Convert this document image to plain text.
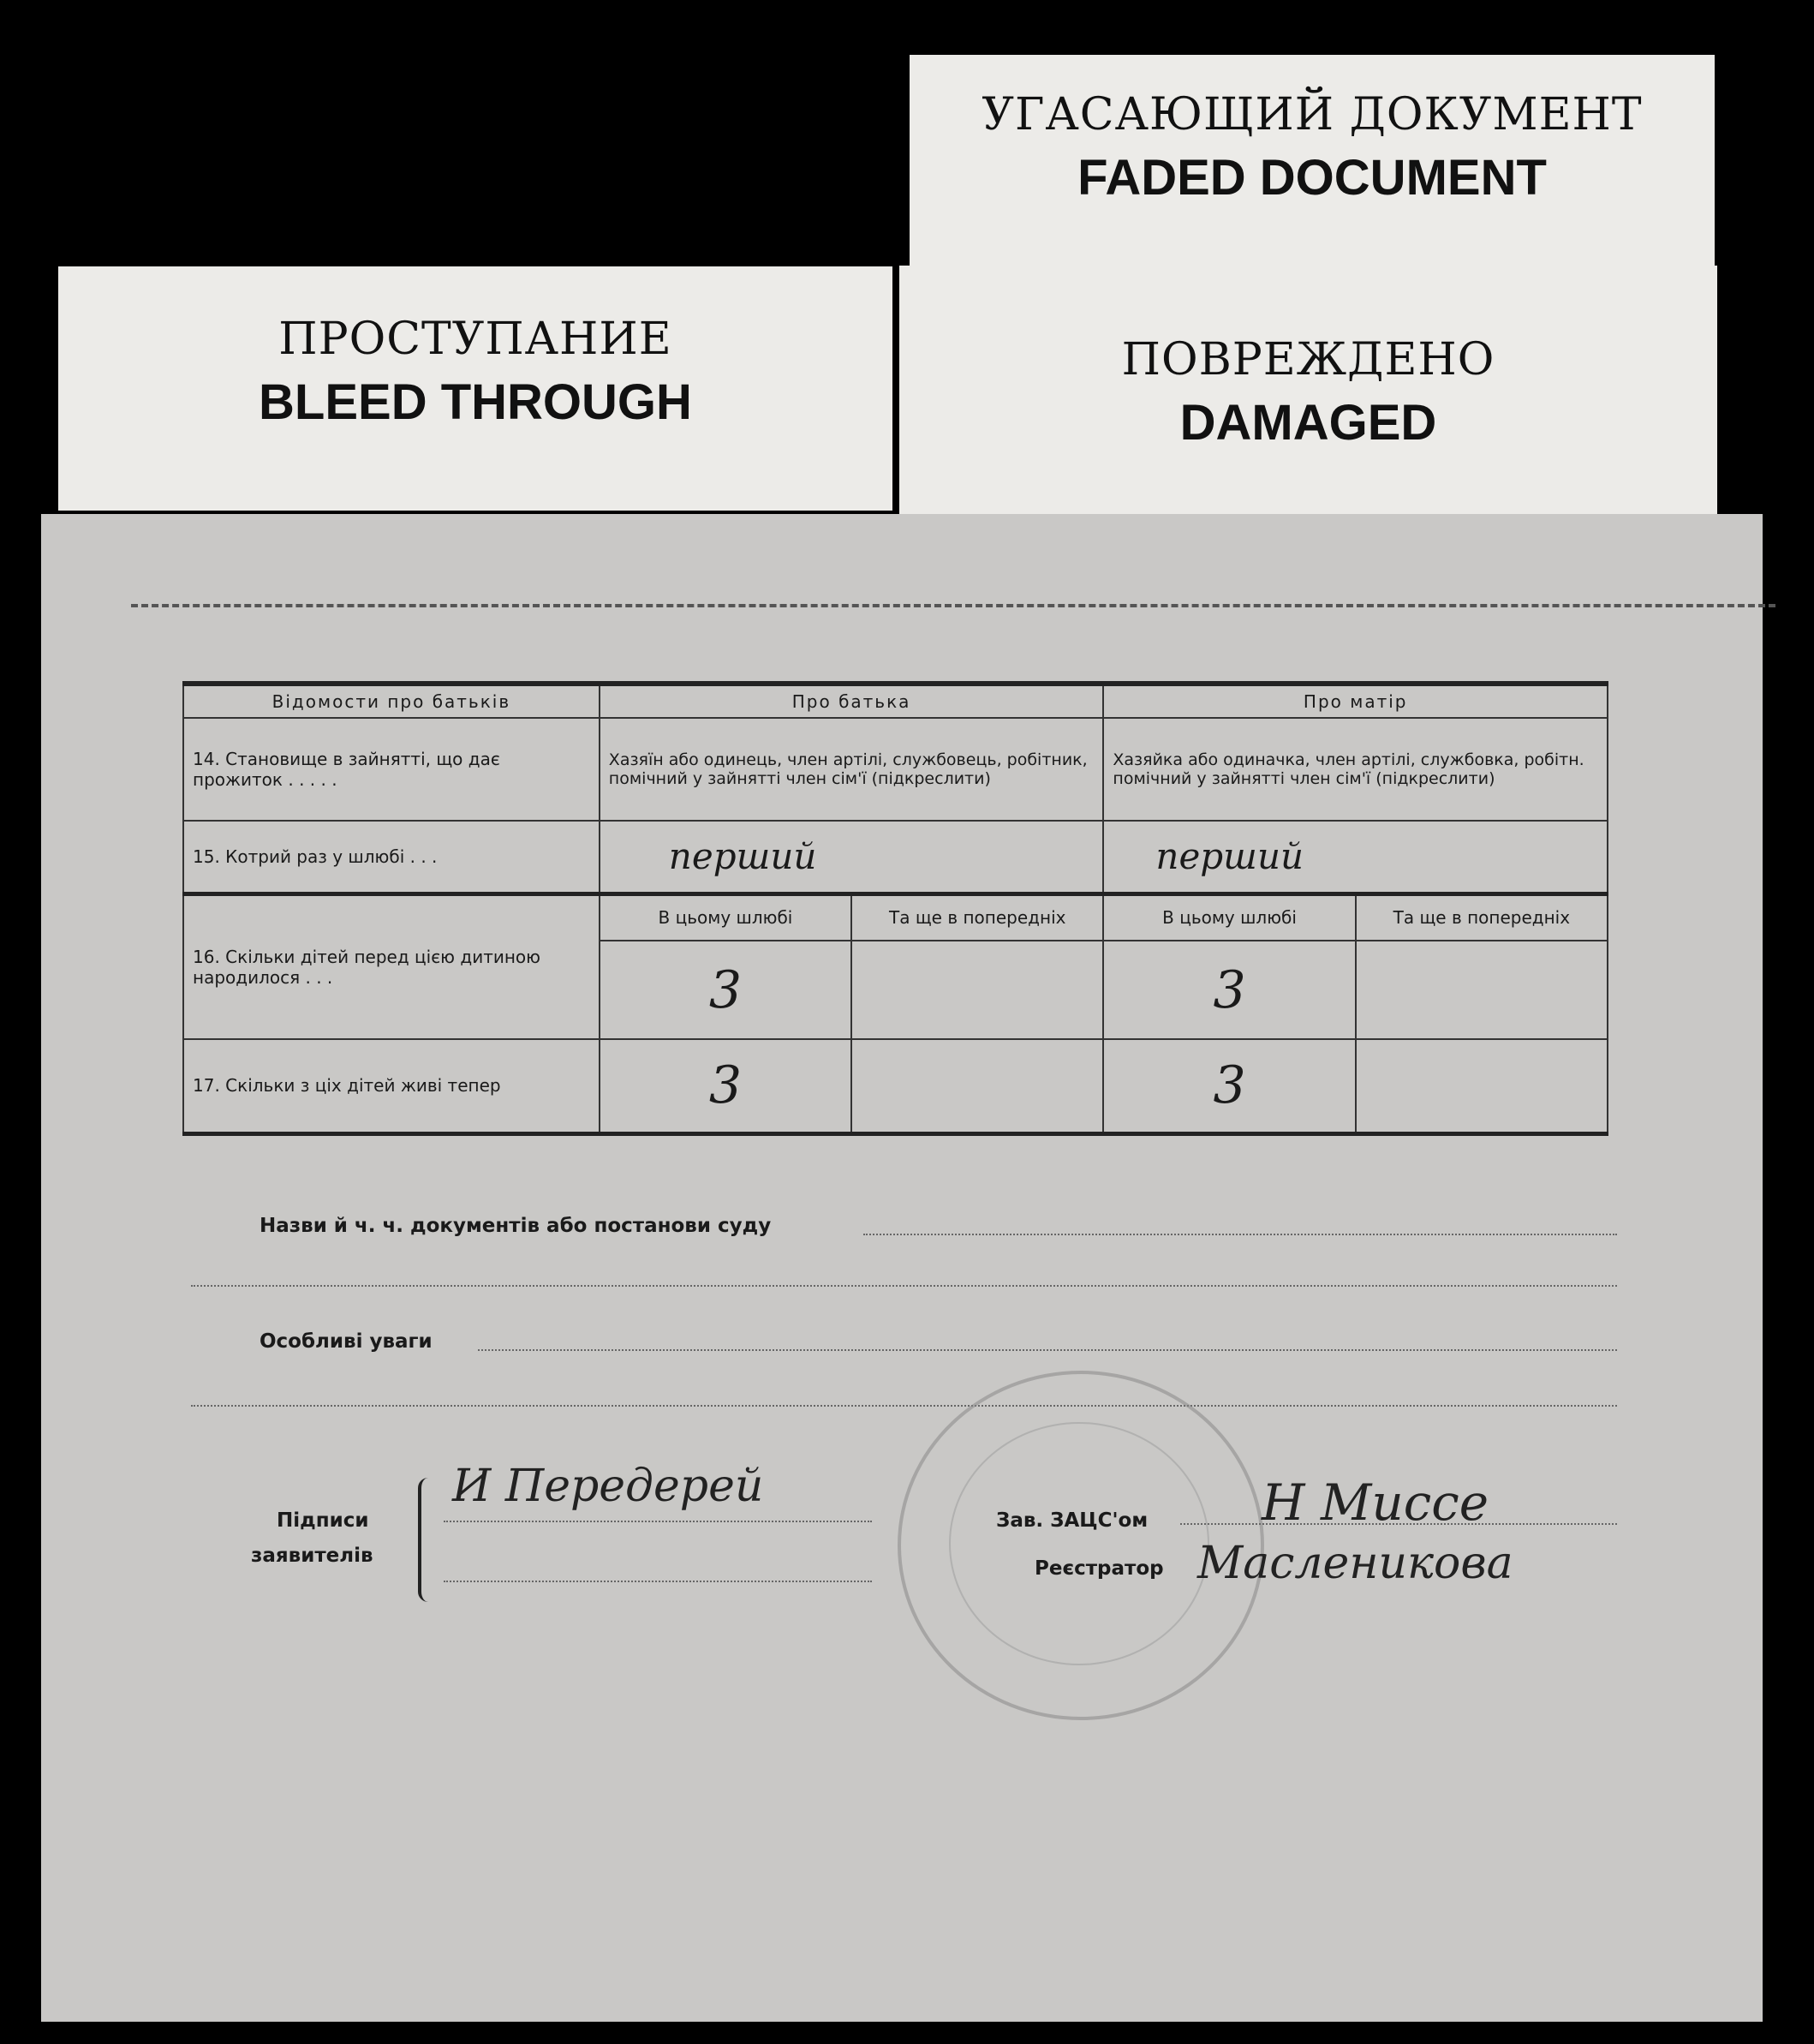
УГАСАЮЩИЙ ДОКУМЕНТ
FADED DOCUMENT
ПРОСТУПАНИЕ
BLEED THROUGH
ПОВРЕЖДЕНО
DAMAGED
Відомости про батьків	Про батька		Про матір	
14. Становище в зайнятті, що дає прожиток . . . . .	Хазяїн або одинець, член артілі, службовець, робітник, помічний у зайнятті член сім'ї (підкреслити)		Хазяйка або одиначка, член артілі, службовка, робітн. помічний у зайнятті член сім'ї (підкреслити)	
15. Котрий раз у шлюбі . . .	перший		перший	
16. Скільки дітей перед цією дитиною народилося . . .	В цьому шлюбі	Та ще в попередніх	В цьому шлюбі	Та ще в попередніх
	3		3	
17. Скільки з ціх дітей живі тепер	3		3	
Назви й ч. ч. документів або постанови суду
Особливі уваги
Підписи
заявителів
И Передерей
Зав. ЗАЦС'ом Н Миссе
Реєстратор Масленикова
